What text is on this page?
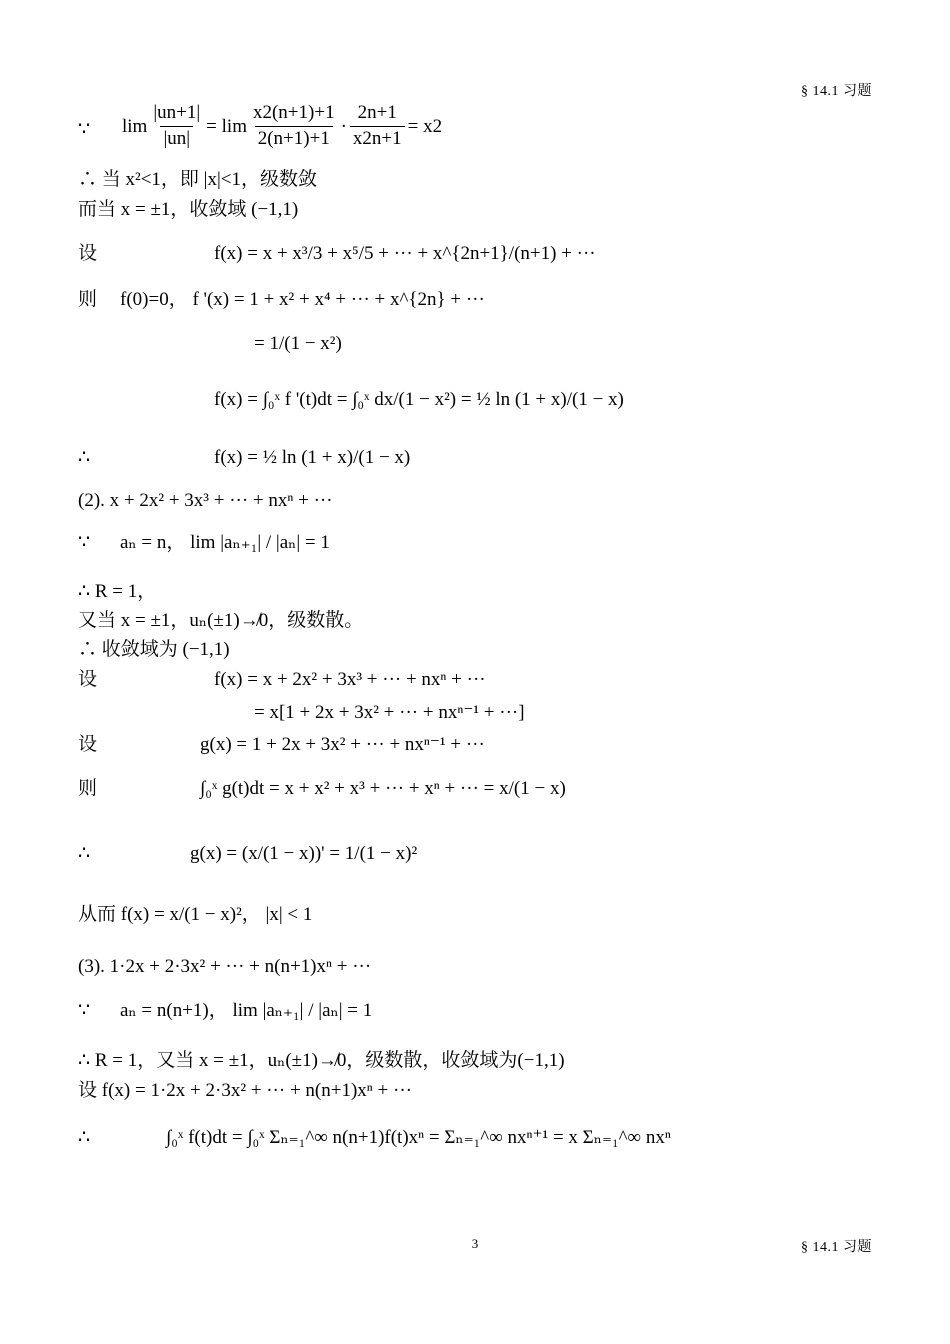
§ 14.1 习题
∵ $\lim \frac{|un+1|}{|un|} = \lim \frac{x2(n+1)+1}{2(n+1)+1} \cdot \frac{2n+1}{x2n+1} = x2$
∴ 当 x²<1，即 |x|<1，级数敛
而当 x = ±1，收敛域 (−1,1)
设	f(x) = x + x³/3 + x⁵/5 + ··· + x^{2n+1}/(n+1) + ···
则 f(0)=0， f '(x) = 1 + x² + x⁴ + ··· + x^{2n} + ···
= 1/(1 − x²)
f(x) = ∫₀ˣ f '(t)dt = ∫₀ˣ dx/(1 − x²) = ½ ln (1 + x)/(1 − x)
∴	f(x) = ½ ln (1 + x)/(1 − x)
(2). x + 2x² + 3x³ + ··· + nxⁿ + ···
∵ aₙ = n， lim |aₙ₊₁| / |aₙ| = 1
∴ R = 1，
又当 x = ±1，uₙ(±1)↛0，级数散。
∴ 收敛域为 (−1,1)
设	f(x) = x + 2x² + 3x³ + ··· + nxⁿ + ···
= x[1 + 2x + 3x² + ··· + nxⁿ⁻¹ + ···]
设	g(x) = 1 + 2x + 3x² + ··· + nxⁿ⁻¹ + ···
则	∫₀ˣ g(t)dt = x + x² + x³ + ··· + xⁿ + ··· = x/(1 − x)
∴	g(x) = (x/(1 − x))' = 1/(1 − x)²
从而 f(x) = x/(1 − x)²， |x| < 1
(3). 1·2x + 2·3x² + ··· + n(n+1)xⁿ + ···
∵ aₙ = n(n+1)， lim |aₙ₊₁| / |aₙ| = 1
∴ R = 1，又当 x = ±1，uₙ(±1)↛0，级数散，收敛域为(−1,1)
设 f(x) = 1·2x + 2·3x² + ··· + n(n+1)xⁿ + ···
∴	∫₀ˣ f(t)dt = ∫₀ˣ Σₙ₌₁^∞ n(n+1)f(t)xⁿ = Σₙ₌₁^∞ nxⁿ⁺¹ = x Σₙ₌₁^∞ nxⁿ
3	§ 14.1 习题
